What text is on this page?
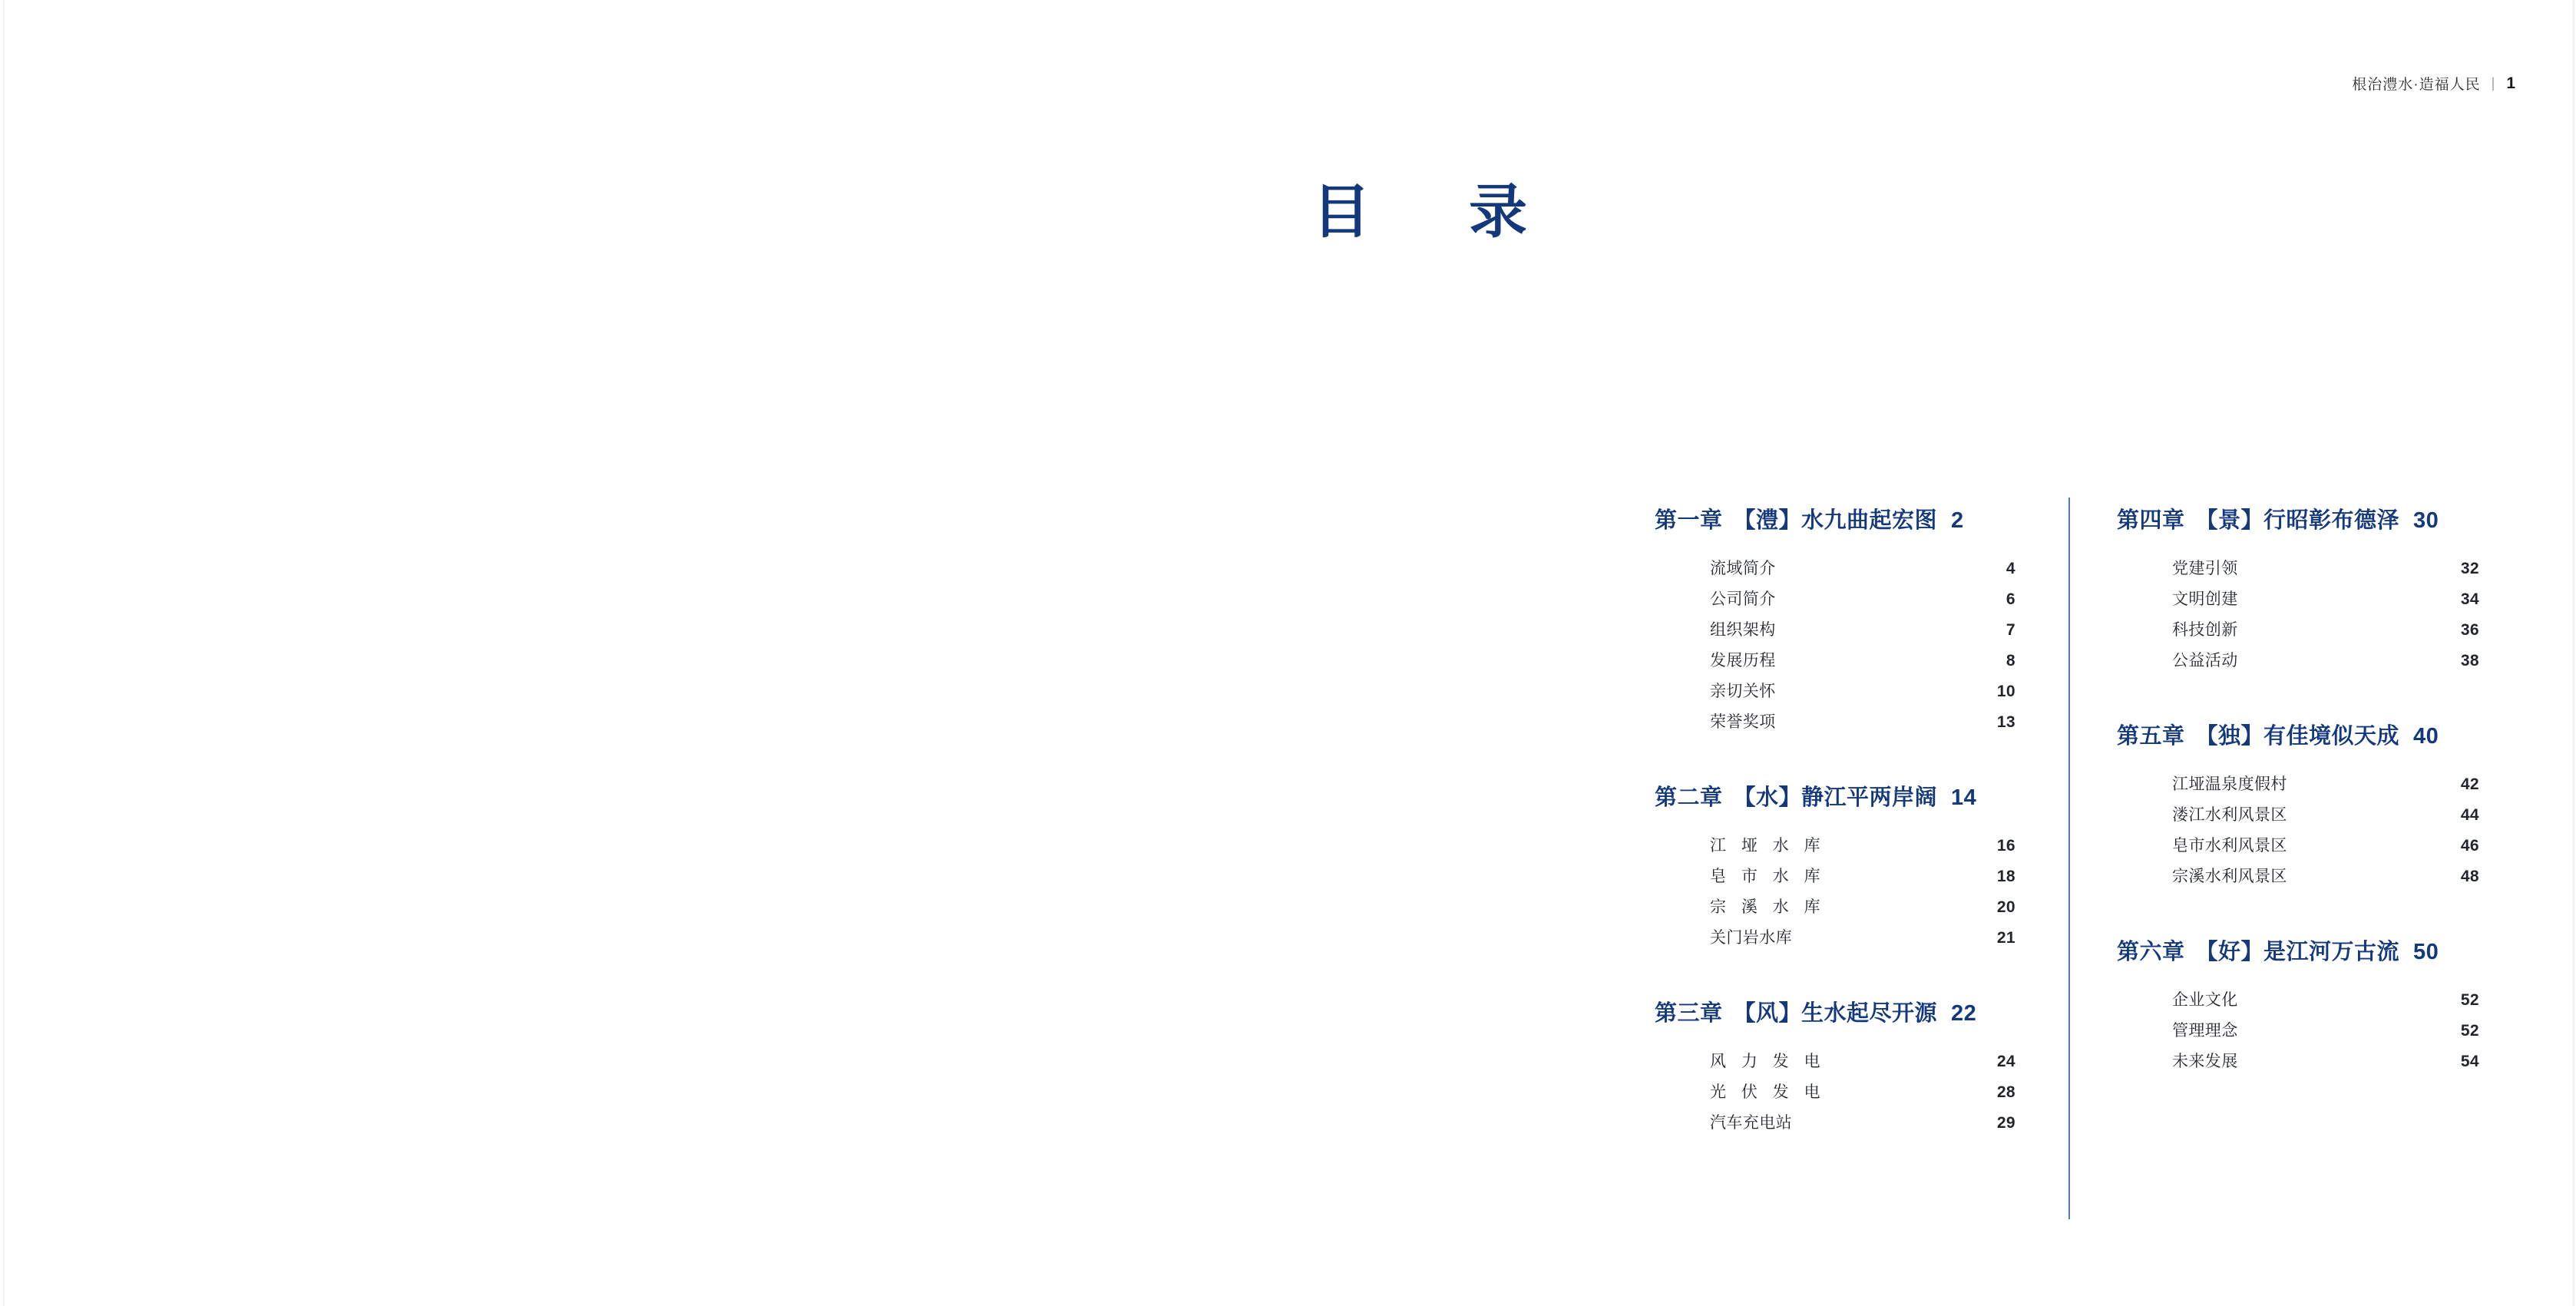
根治澧水·造福人民 | 1
目　录
第一章 【澧】水九曲起宏图 2
流域简介	4
公司简介	6
组织架构	7
发展历程	8
亲切关怀	10
荣誉奖项	13
第二章 【水】静江平两岸阔 14
江 垭 水 库	16
皂 市 水 库	18
宗 溪 水 库	20
关门岩水库	21
第三章 【风】生水起尽开源 22
风 力 发 电	24
光 伏 发 电	28
汽车充电站	29
第四章 【景】行昭彰布德泽 30
党建引领	32
文明创建	34
科技创新	36
公益活动	38
第五章 【独】有佳境似天成 40
江垭温泉度假村	42
溇江水利风景区	44
皂市水利风景区	46
宗溪水利风景区	48
第六章 【好】是江河万古流 50
企业文化	52
管理理念	52
未来发展	54
